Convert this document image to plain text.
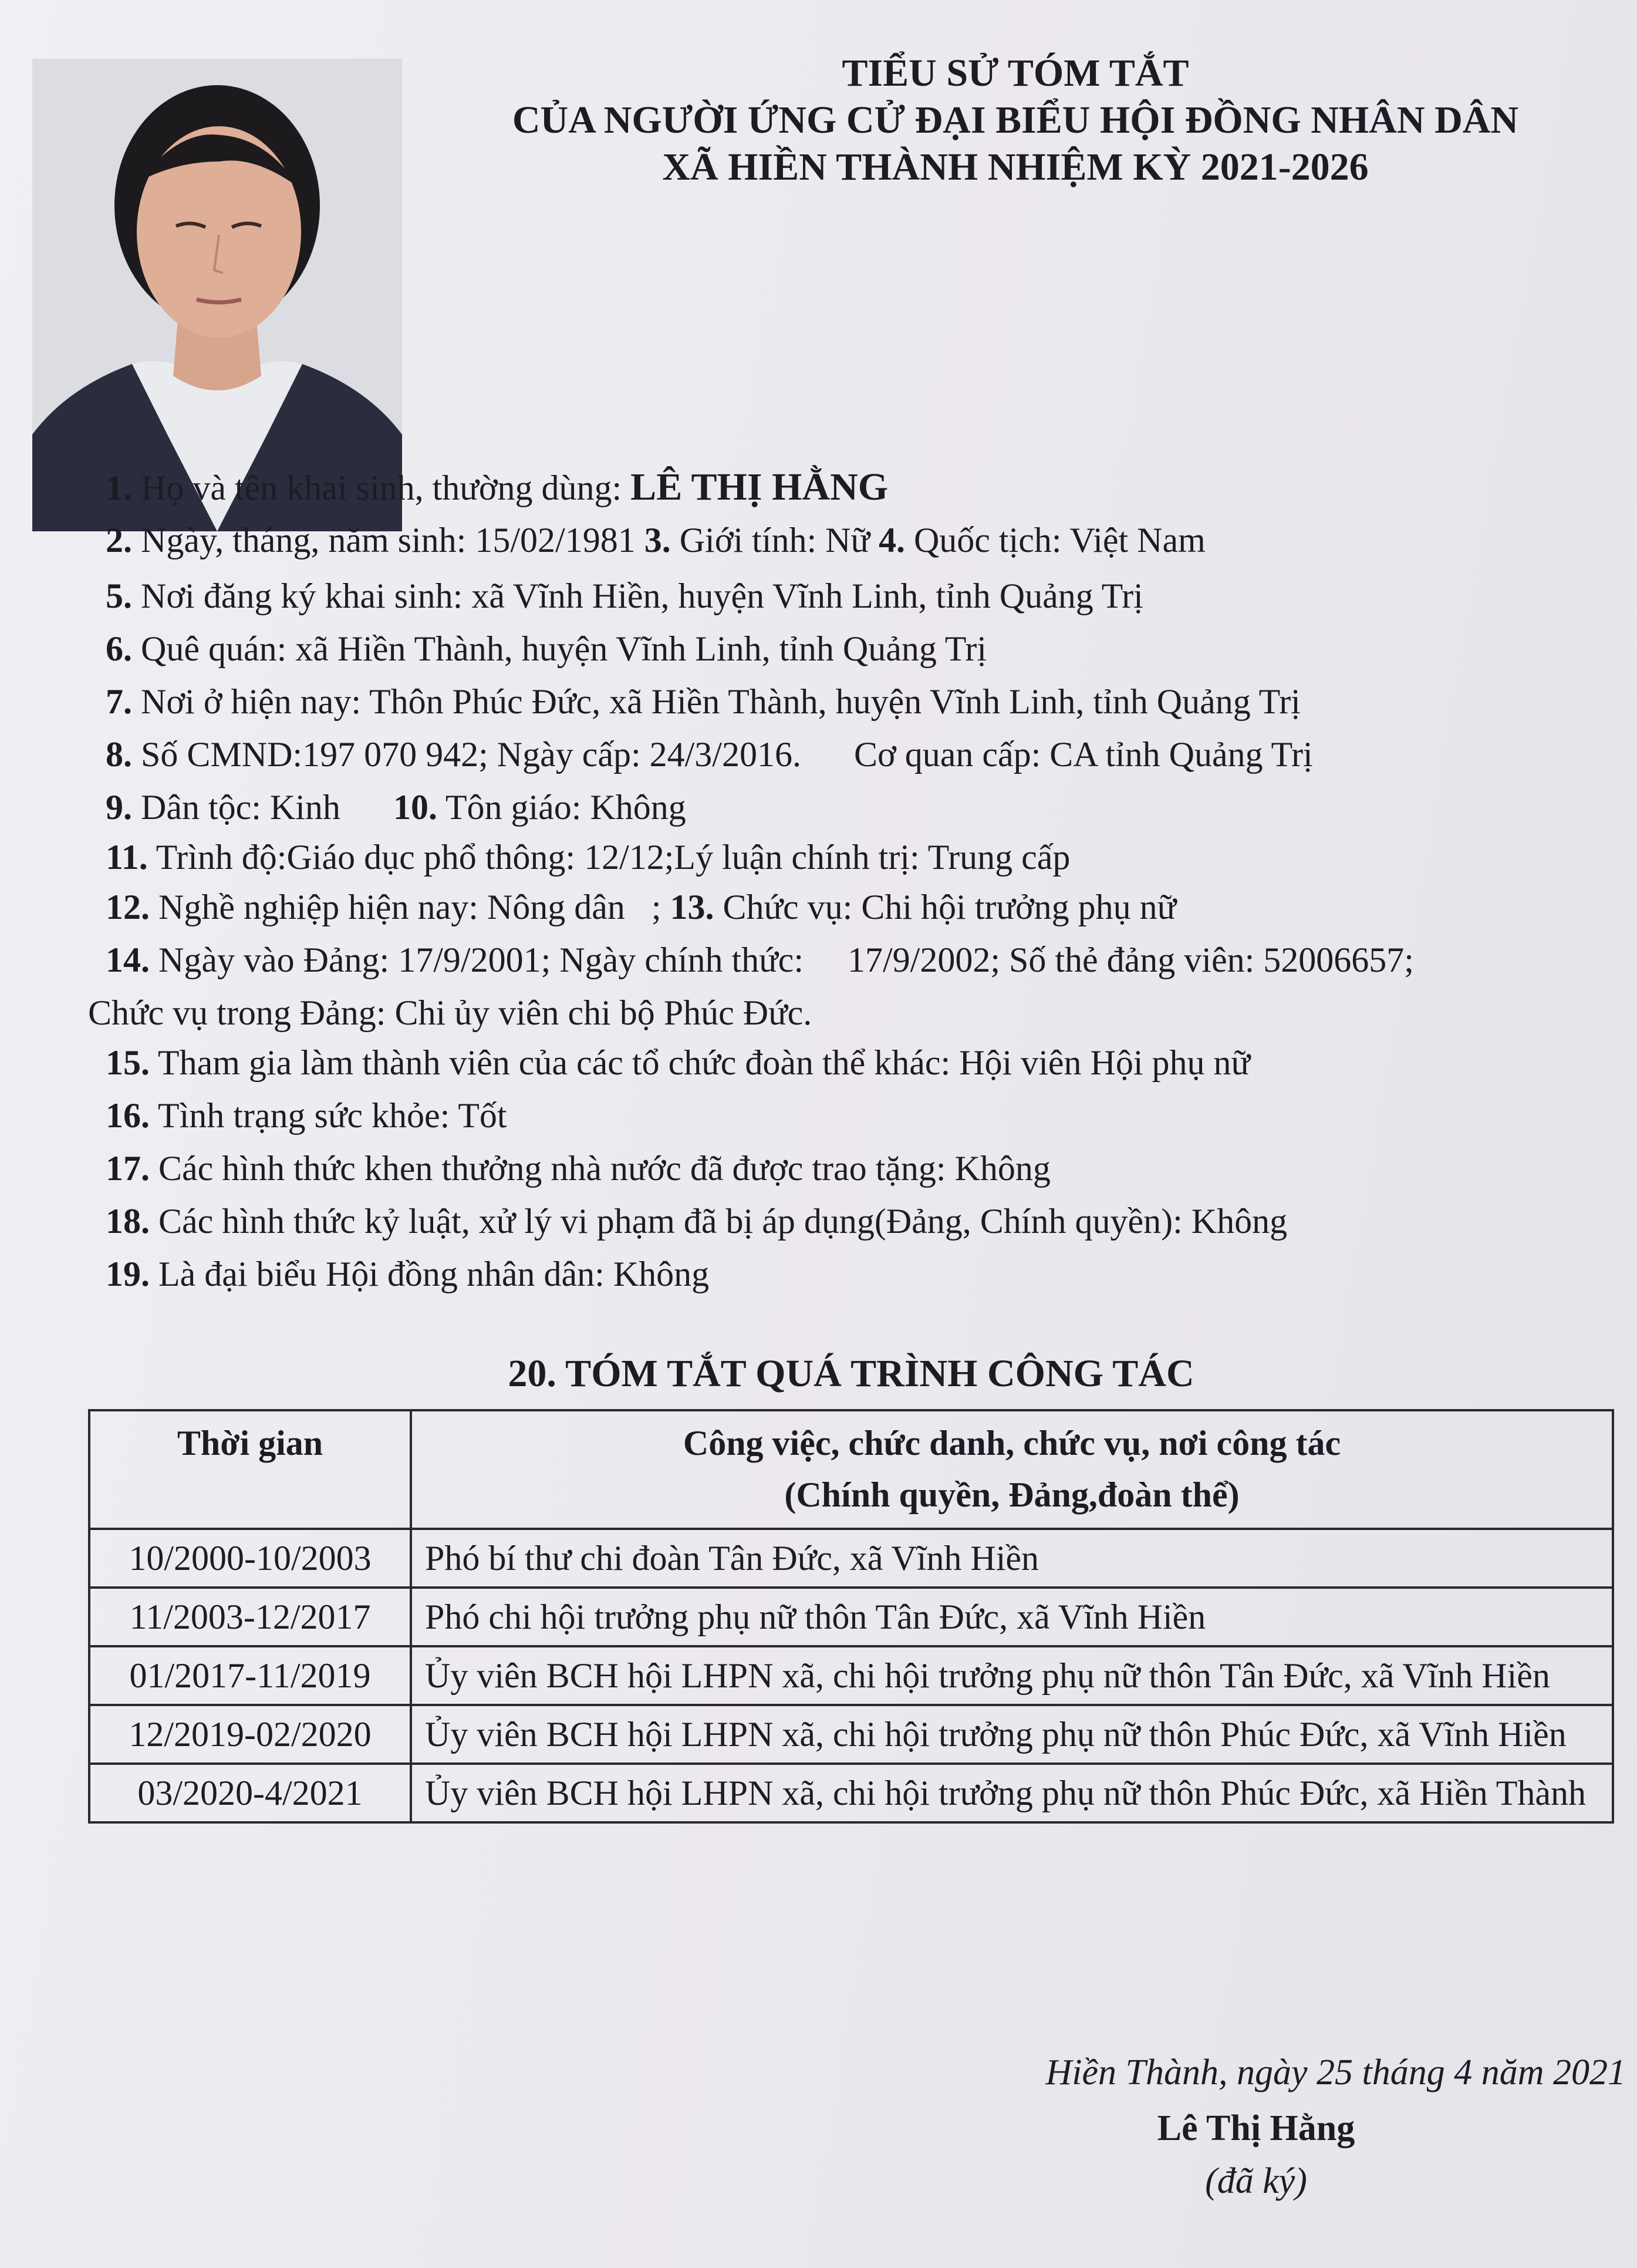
TIỂU SỬ TÓM TẮT
CỦA NGƯỜI ỨNG CỬ ĐẠI BIỂU HỘI ĐỒNG NHÂN DÂN
XÃ HIỀN THÀNH NHIỆM KỲ 2021-2026
1. Họ và tên khai sinh, thường dùng: LÊ THỊ HẰNG
2. Ngày, tháng, năm sinh: 15/02/1981 3. Giới tính: Nữ 4. Quốc tịch: Việt Nam
5. Nơi đăng ký khai sinh: xã Vĩnh Hiền, huyện Vĩnh Linh, tỉnh Quảng Trị
6. Quê quán: xã Hiền Thành, huyện Vĩnh Linh, tỉnh Quảng Trị
7. Nơi ở hiện nay: Thôn Phúc Đức, xã Hiền Thành, huyện Vĩnh Linh, tỉnh Quảng Trị
8. Số CMND:197 070 942; Ngày cấp: 24/3/2016.      Cơ quan cấp: CA tỉnh Quảng Trị
9. Dân tộc: Kinh      10. Tôn giáo: Không
11. Trình độ:Giáo dục phổ thông: 12/12;Lý luận chính trị: Trung cấp
12. Nghề nghiệp hiện nay: Nông dân   ; 13. Chức vụ: Chi hội trưởng phụ nữ
14. Ngày vào Đảng: 17/9/2001; Ngày chính thức:     17/9/2002; Số thẻ đảng viên: 52006657;
Chức vụ trong Đảng: Chi ủy viên chi bộ Phúc Đức.
15. Tham gia làm thành viên của các tổ chức đoàn thể khác: Hội viên Hội phụ nữ
16. Tình trạng sức khỏe: Tốt
17. Các hình thức khen thưởng nhà nước đã được trao tặng: Không
18. Các hình thức kỷ luật, xử lý vi phạm đã bị áp dụng(Đảng, Chính quyền): Không
19. Là đại biểu Hội đồng nhân dân: Không
20. TÓM TẮT QUÁ TRÌNH CÔNG TÁC
Thời gian	Công việc, chức danh, chức vụ, nơi công tác
(Chính quyền, Đảng,đoàn thể)

10/2000-10/2003	Phó bí thư chi đoàn Tân Đức, xã Vĩnh Hiền
11/2003-12/2017	Phó chi hội trưởng phụ nữ thôn Tân Đức, xã Vĩnh Hiền
01/2017-11/2019	Ủy viên BCH hội LHPN xã, chi hội trưởng phụ nữ thôn Tân Đức, xã Vĩnh Hiền
12/2019-02/2020	Ủy viên BCH hội LHPN xã, chi hội trưởng phụ nữ thôn Phúc Đức, xã Vĩnh Hiền
03/2020-4/2021	Ủy viên BCH hội LHPN xã, chi hội trưởng phụ nữ thôn Phúc Đức, xã Hiền Thành
Hiền Thành, ngày 25 tháng 4 năm 2021
Lê Thị Hằng
(đã ký)
